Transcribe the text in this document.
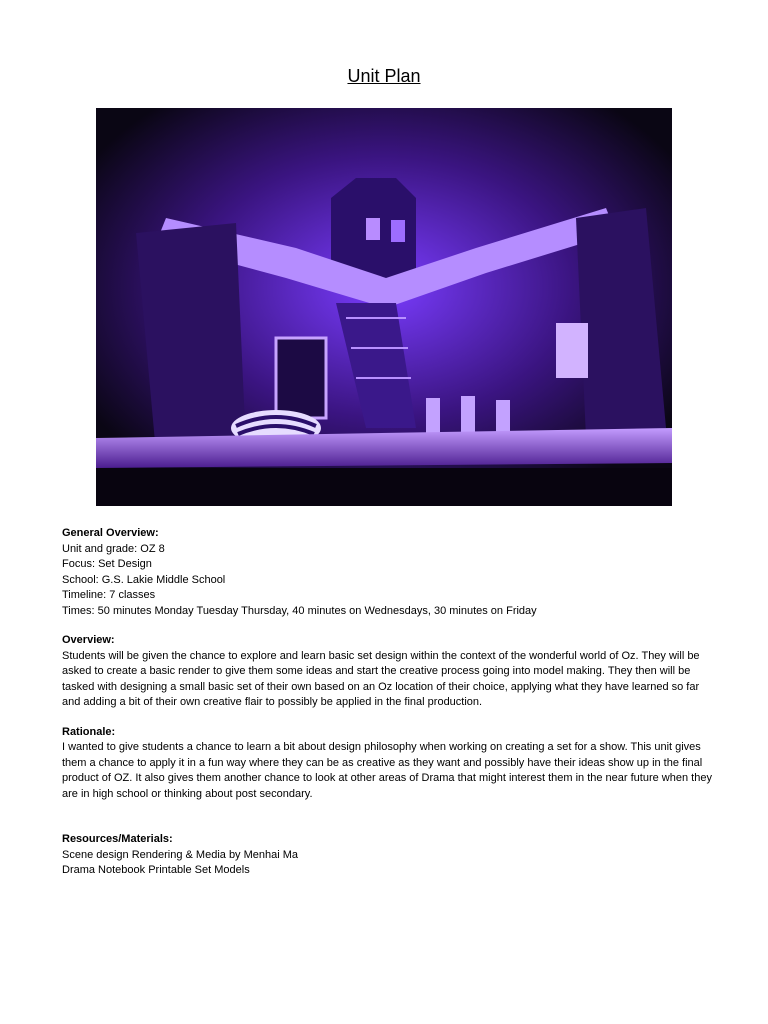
Unit Plan
General Overview:
Unit and grade: OZ 8
Focus: Set Design
School: G.S. Lakie Middle School
Timeline: 7 classes
Times: 50 minutes Monday Tuesday Thursday, 40 minutes on Wednesdays, 30 minutes on Friday
Overview:

Students will be given the chance to explore and learn basic set design within the context of the wonderful world of Oz. They will be asked to create a basic render to give them some ideas and start the creative process going into model making. They then will be tasked with designing a small basic set of their own based on an Oz location of their choice, applying what they have learned so far and adding a bit of their own creative flair to possibly be applied in the final production.

Rationale:

I wanted to give students a chance to learn a bit about design philosophy when working on creating a set for a show. This unit gives them a chance to apply it in a fun way where they can be as creative as they want and possibly have their ideas show up in the final product of OZ. It also gives them another chance to look at other areas of Drama that might interest them in the near future when they are in high school or thinking about post secondary.

Resources/Materials:
Scene design Rendering & Media by Menhai Ma
Drama Notebook Printable Set Models
